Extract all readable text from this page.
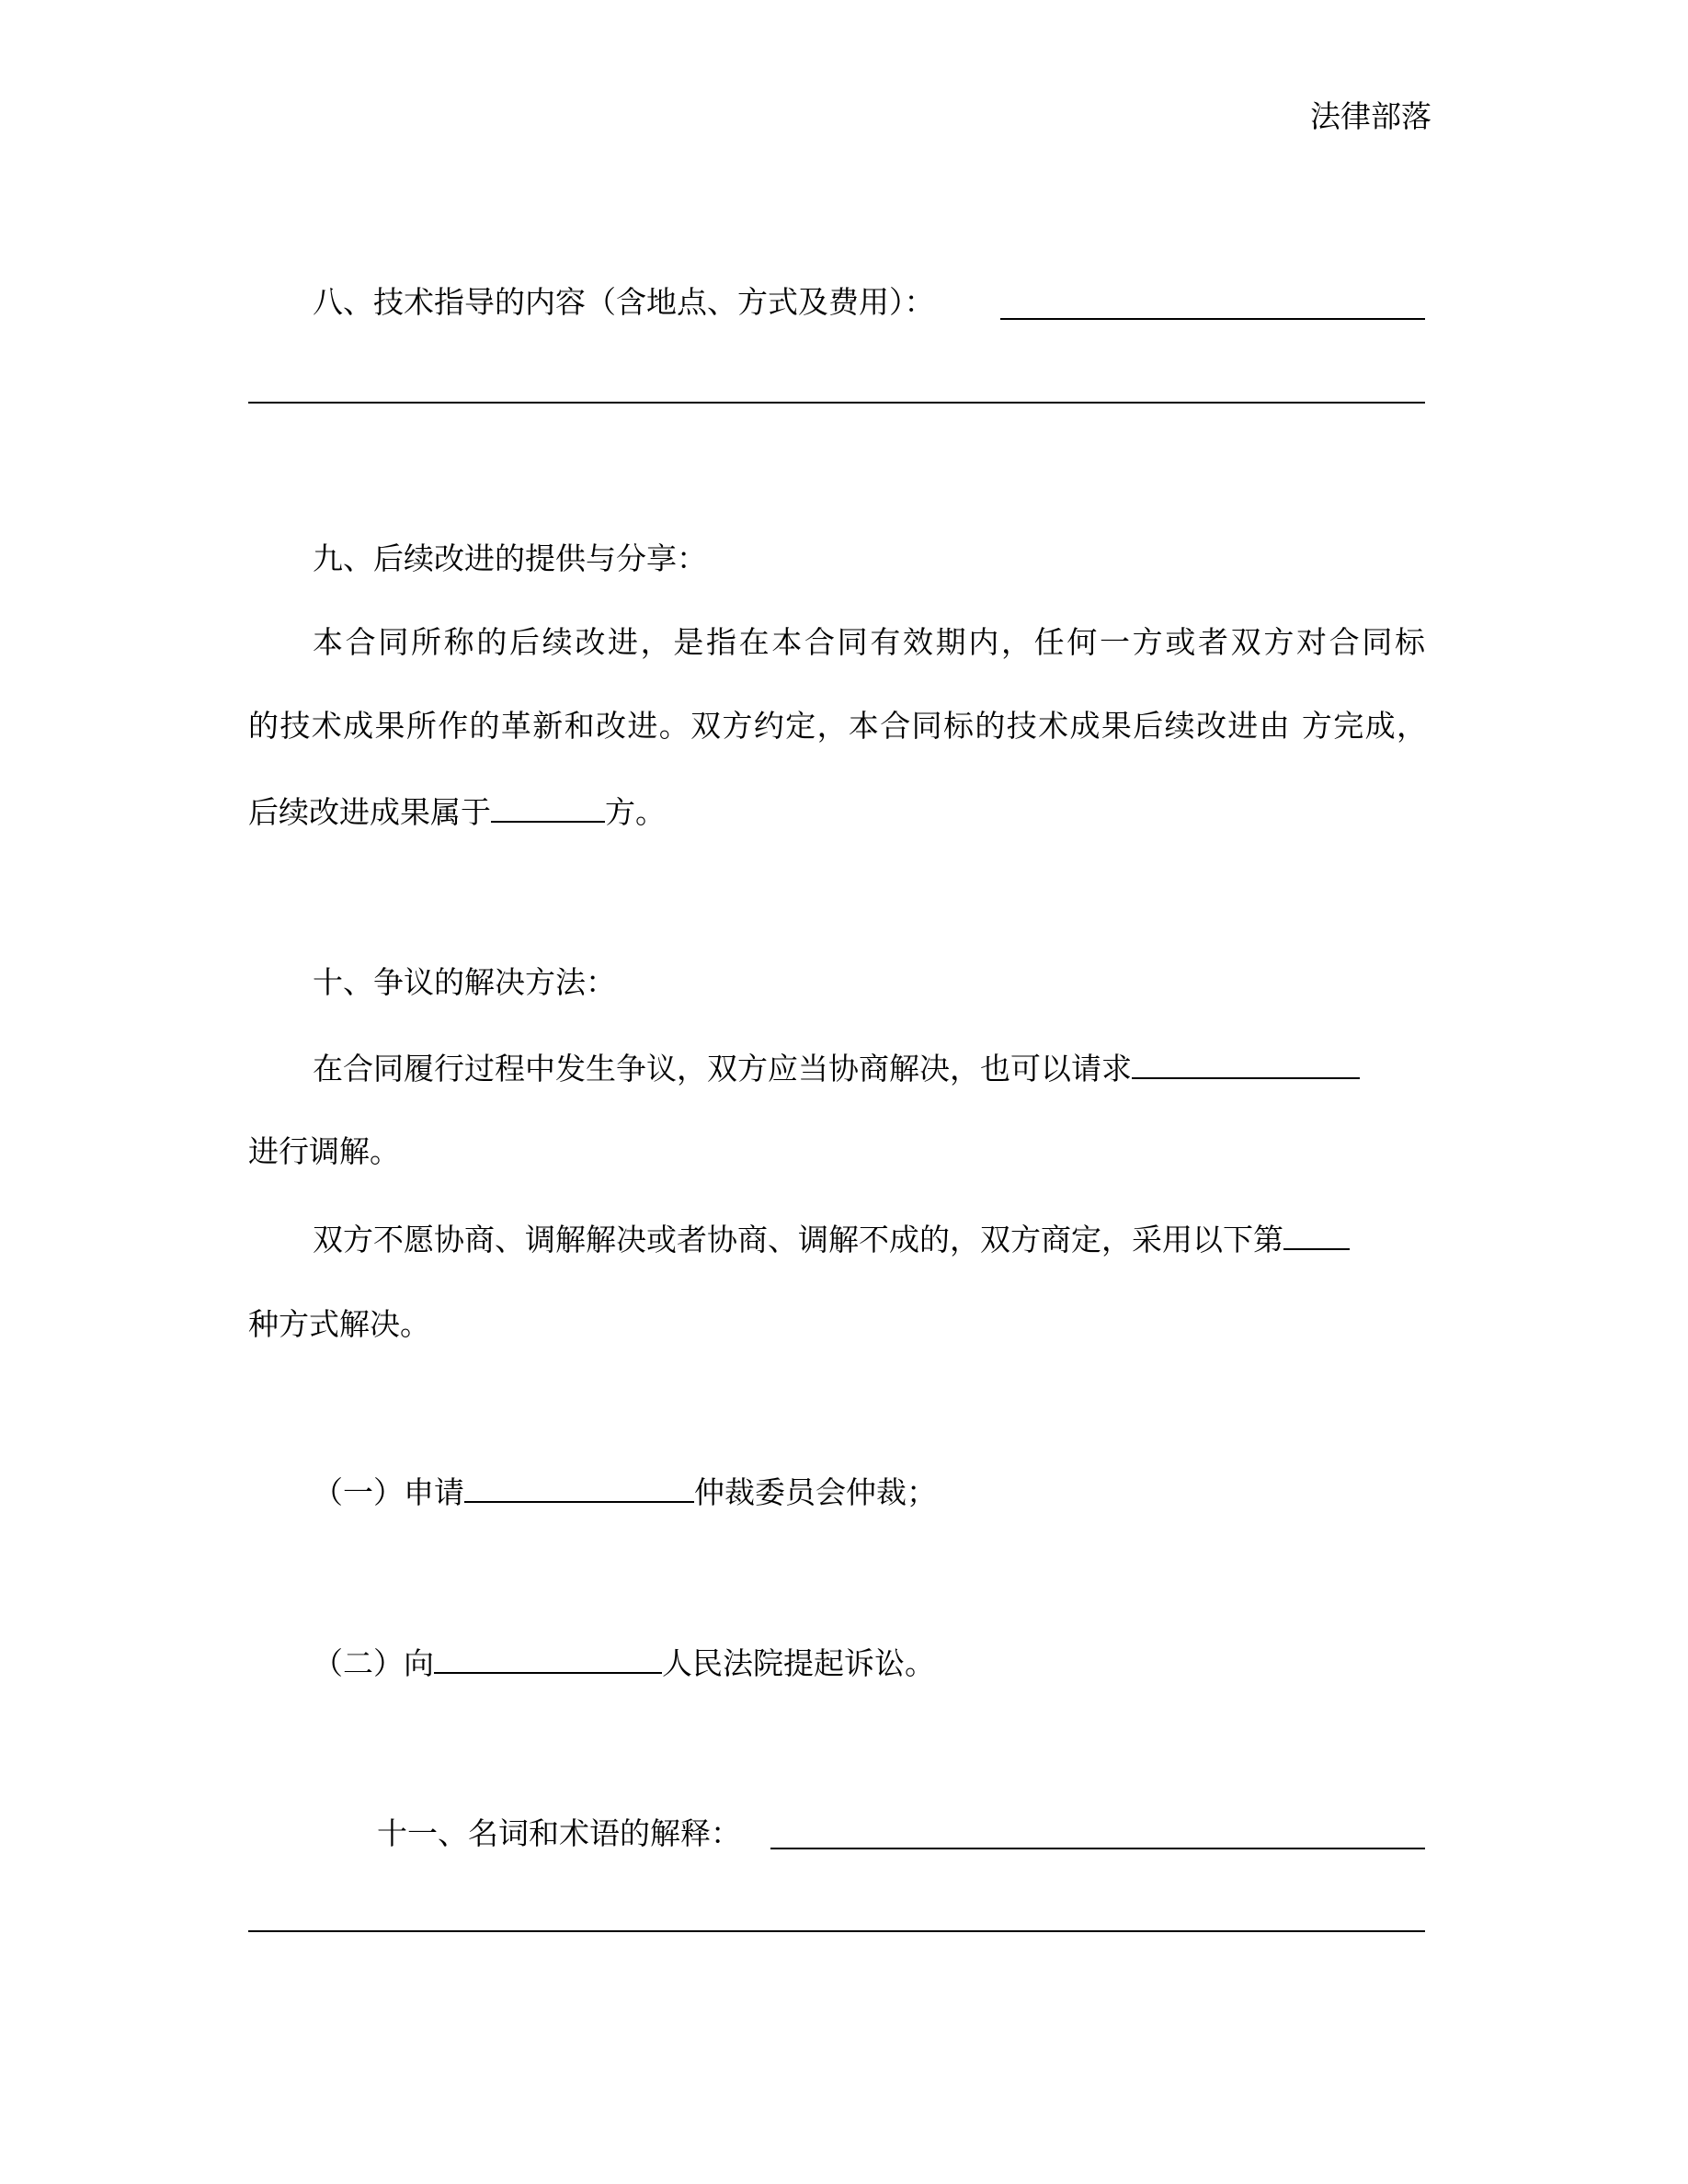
法律部落
八、技术指导的内容（含地点、方式及费用）：
九、后续改进的提供与分享：
本合同所称的后续改进，是指在本合同有效期内，任何一方或者双方对合同标
的技术成果所作的革新和改进。双方约定，本合同标的技术成果后续改进由 方完成，
后续改进成果属于	方。
十、争议的解决方法：
在合同履行过程中发生争议，双方应当协商解决，也可以请求
进行调解。
双方不愿协商、调解解决或者协商、调解不成的，双方商定，采用以下第
种方式解决。
（一）申请	仲裁委员会仲裁；
（二）向	人民法院提起诉讼。
十一、名词和术语的解释：
